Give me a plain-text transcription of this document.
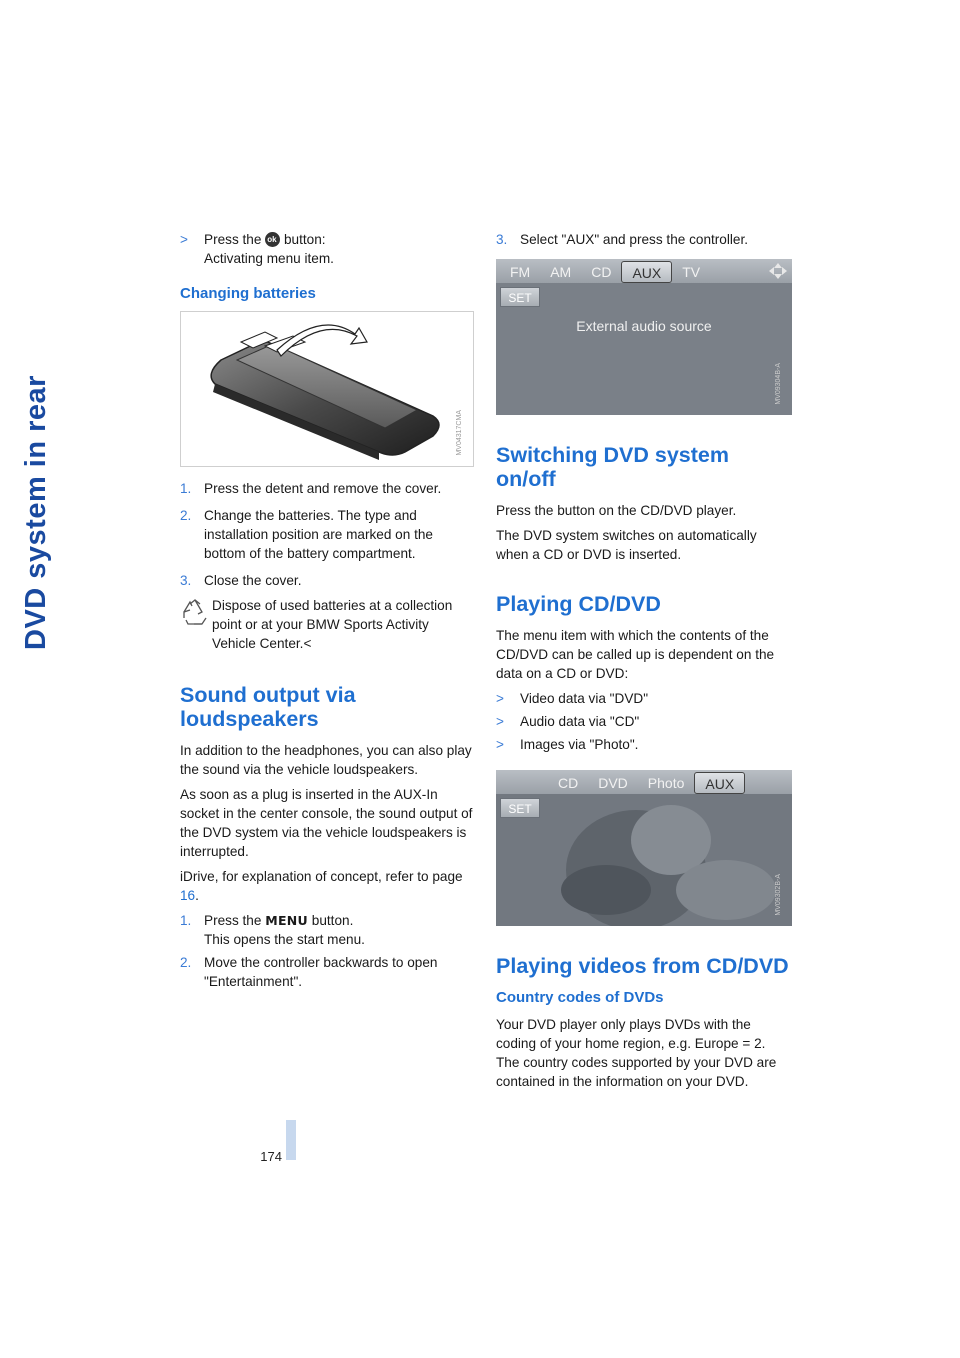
DVD system in rear
174
> Press the ok button:
Activating menu item.
Changing batteries
MV04317CMA
1. Press the detent and remove the cover.
2. Change the batteries. The type and installation position are marked on the bottom of the battery compartment.
3. Close the cover.
Dispose of used batteries at a collection point or at your BMW Sports Activity Vehicle Center.<
Sound output via loudspeakers

In addition to the headphones, you can also play the sound via the vehicle loudspeakers.

As soon as a plug is inserted in the AUX-In socket in the center console, the sound output of the DVD system via the vehicle loudspeakers is interrupted.

iDrive, for explanation of concept, refer to page 16.

1. Press the MENU button.
This opens the start menu.
2. Move the controller backwards to open "Entertainment".
3. Select "AUX" and press the controller.
FM	AM	CD	AUX	TV
SET
External audio source
MV09304B-A
Switching DVD system on/off

Press the button on the CD/DVD player.

The DVD system switches on automatically when a CD or DVD is inserted.

Playing CD/DVD

The menu item with which the contents of the CD/DVD can be called up is dependent on the data on a CD or DVD:

> Video data via "DVD"
> Audio data via "CD"
> Images via "Photo".
CD	DVD	Photo	AUX
SET
MV09302B-A
Playing videos from CD/DVD
Country codes of DVDs

Your DVD player only plays DVDs with the coding of your home region, e.g. Europe = 2. The country codes supported by your DVD are contained in the information on your DVD.
